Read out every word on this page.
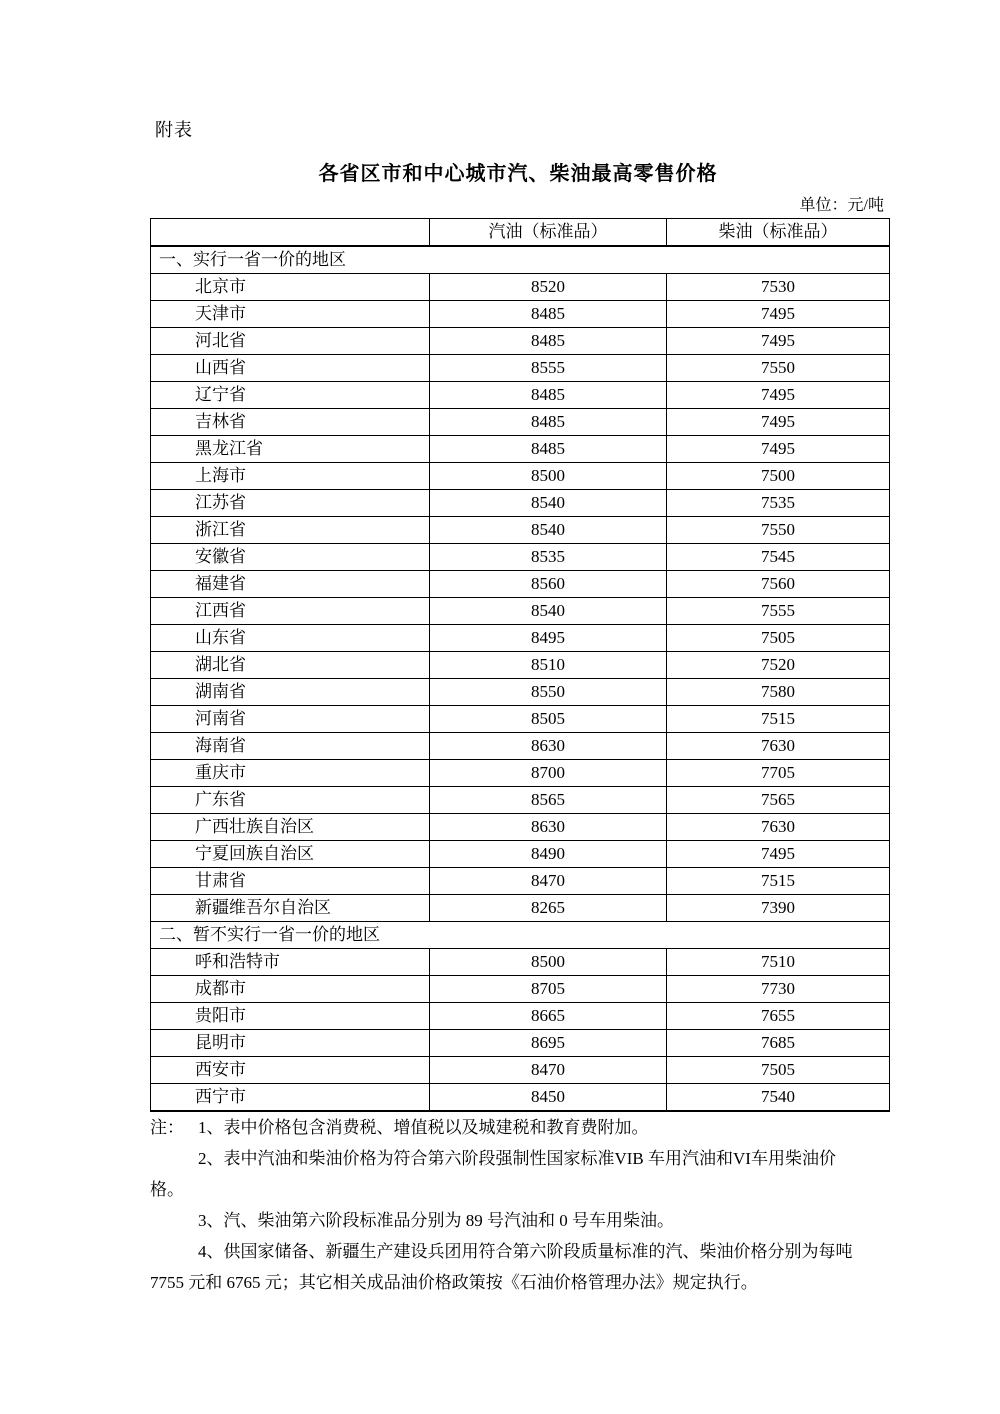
附表
各省区市和中心城市汽、柴油最高零售价格
单位：元/吨
	汽油（标准品）	柴油（标准品）
一、实行一省一价的地区		
北京市	8520	7530
天津市	8485	7495
河北省	8485	7495
山西省	8555	7550
辽宁省	8485	7495
吉林省	8485	7495
黑龙江省	8485	7495
上海市	8500	7500
江苏省	8540	7535
浙江省	8540	7550
安徽省	8535	7545
福建省	8560	7560
江西省	8540	7555
山东省	8495	7505
湖北省	8510	7520
湖南省	8550	7580
河南省	8505	7515
海南省	8630	7630
重庆市	8700	7705
广东省	8565	7565
广西壮族自治区	8630	7630
宁夏回族自治区	8490	7495
甘肃省	8470	7515
新疆维吾尔自治区	8265	7390
二、暂不实行一省一价的地区		
呼和浩特市	8500	7510
成都市	8705	7730
贵阳市	8665	7655
昆明市	8695	7685
西安市	8470	7505
西宁市	8450	7540
注： 1、表中价格包含消费税、增值税以及城建税和教育费附加。
2、表中汽油和柴油价格为符合第六阶段强制性国家标准VIB 车用汽油和VI车用柴油价
格。
3、汽、柴油第六阶段标准品分别为 89 号汽油和 0 号车用柴油。
4、供国家储备、新疆生产建设兵团用符合第六阶段质量标准的汽、柴油价格分别为每吨
7755 元和 6765 元；其它相关成品油价格政策按《石油价格管理办法》规定执行。
